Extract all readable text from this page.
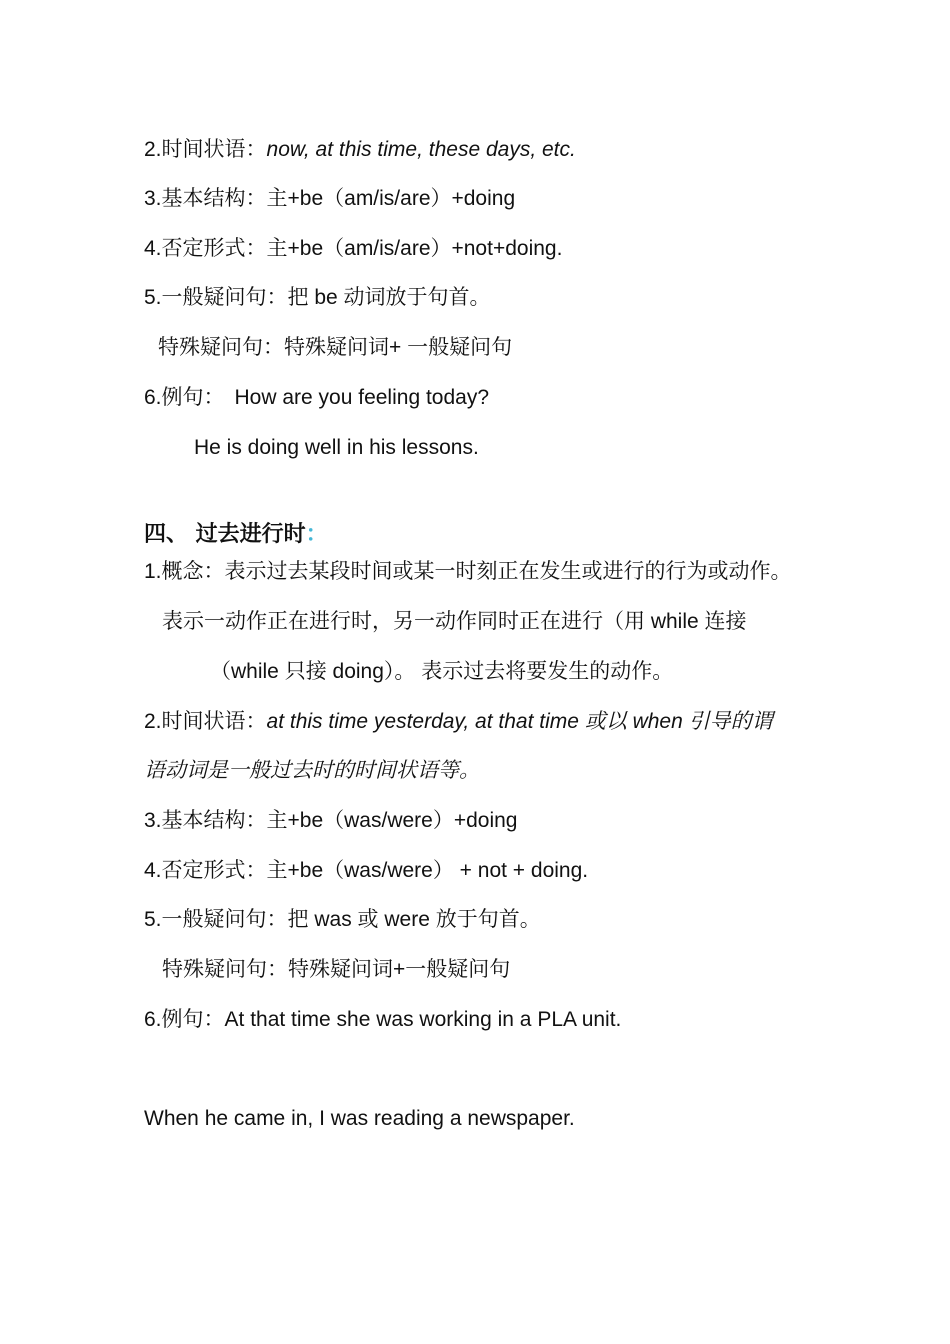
2.时间状语：now, at this time, these days, etc.
3.基本结构：主+be（am/is/are）+doing
4.否定形式：主+be（am/is/are）+not+doing.
5.一般疑问句：把 be 动词放于句首。
特殊疑问句：特殊疑问词+ 一般疑问句
6.例句： How are you feeling today?
He is doing well in his lessons.
四、 过去进行时：
1.概念：表示过去某段时间或某一时刻正在发生或进行的行为或动作。
表示一动作正在进行时，另一动作同时正在进行（用 while 连接
（while 只接 doing）。 表示过去将要发生的动作。
2.时间状语：at this time yesterday, at that time 或以 when 引导的谓
语动词是一般过去时的时间状语等。
3.基本结构：主+be（was/were）+doing
4.否定形式：主+be（was/were） + not + doing.
5.一般疑问句：把 was 或 were 放于句首。
特殊疑问句：特殊疑问词+一般疑问句
6.例句：At that time she was working in a PLA unit.
When he came in, I was reading a newspaper.
